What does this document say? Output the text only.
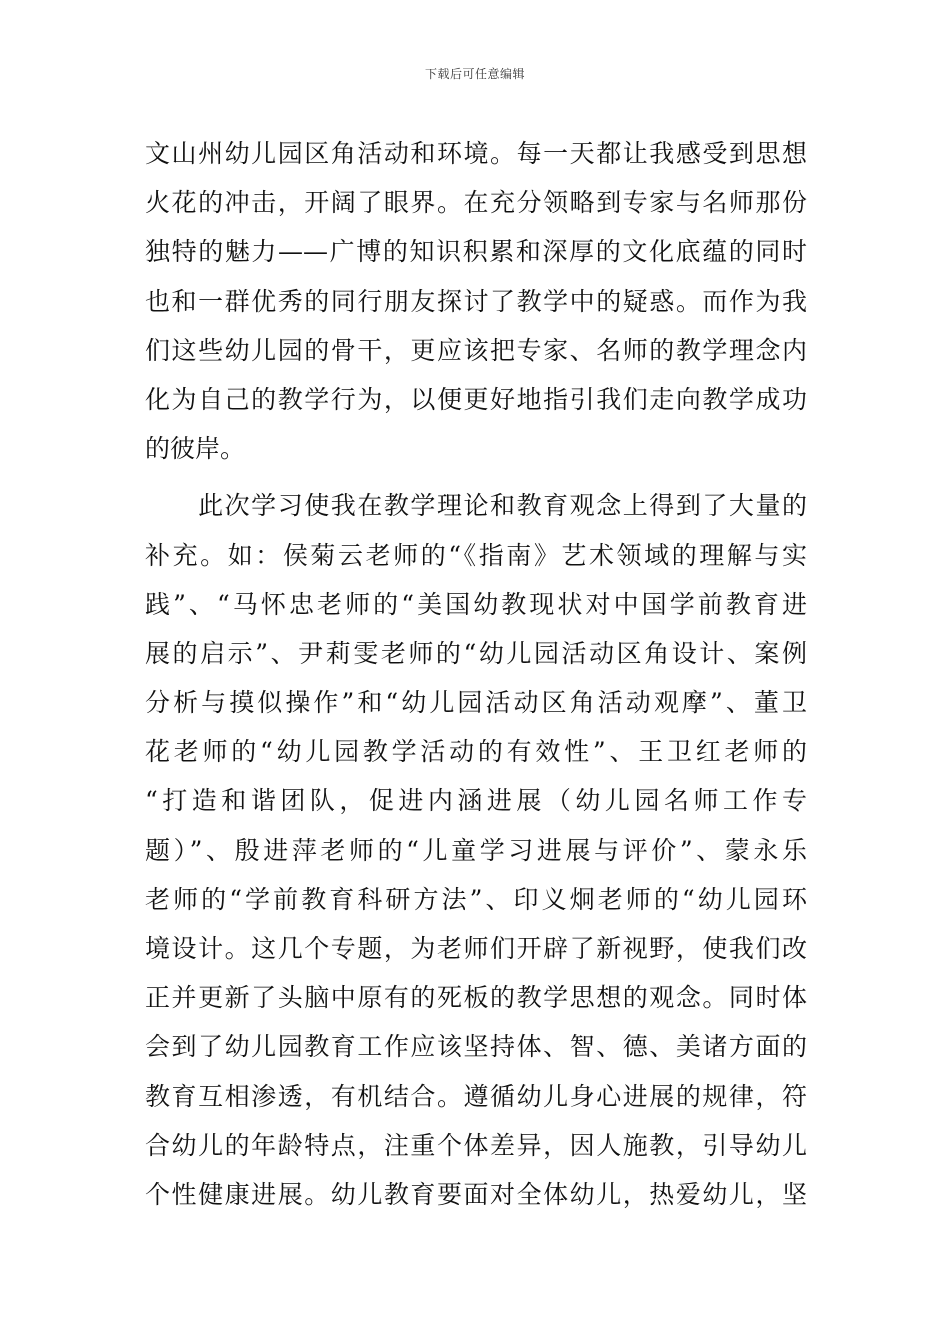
下载后可任意编辑
文山州幼儿园区角活动和环境。每一天都让我感受到思想
火花的冲击，开阔了眼界。在充分领略到专家与名师那份
独特的魅力——广博的知识积累和深厚的文化底蕴的同时
也和一群优秀的同行朋友探讨了教学中的疑惑。而作为我
们这些幼儿园的骨干，更应该把专家、名师的教学理念内
化为自己的教学行为，以便更好地指引我们走向教学成功
的彼岸。
　　此次学习使我在教学理论和教育观念上得到了大量的
补充。如：侯菊云老师的“《指南》艺术领域的理解与实
践”、“马怀忠老师的“美国幼教现状对中国学前教育进
展的启示”、尹莉雯老师的“幼儿园活动区角设计、案例
分析与摸似操作”和“幼儿园活动区角活动观摩”、董卫
花老师的“幼儿园教学活动的有效性”、王卫红老师的
“打造和谐团队，促进内涵进展（幼儿园名师工作专
题）”、殷进萍老师的“儿童学习进展与评价”、蒙永乐
老师的“学前教育科研方法”、印义炯老师的“幼儿园环
境设计。这几个专题，为老师们开辟了新视野，使我们改
正并更新了头脑中原有的死板的教学思想的观念。同时体
会到了幼儿园教育工作应该坚持体、智、德、美诸方面的
教育互相渗透，有机结合。遵循幼儿身心进展的规律，符
合幼儿的年龄特点，注重个体差异，因人施教，引导幼儿
个性健康进展。幼儿教育要面对全体幼儿，热爱幼儿，坚
